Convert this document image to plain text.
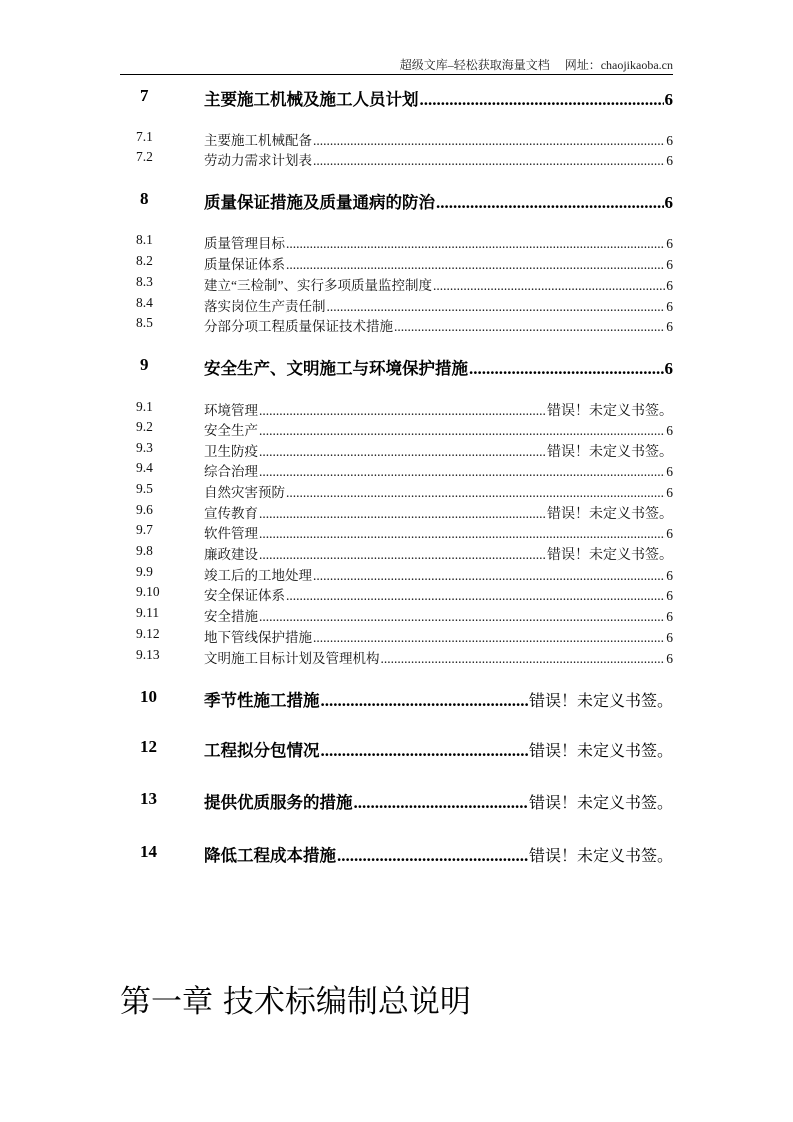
超级文库–轻松获取海量文档　 网址：chaojikaoba.cn
7	主要施工机械及施工人员计划 .....	6
7.1	主要施工机械配备 .....	6
7.2	劳动力需求计划表 .....	6
8	质量保证措施及质量通病的防治 .....	6
8.1	质量管理目标 .....	6
8.2	质量保证体系 .....	6
8.3	建立“三检制”、实行多项质量监控制度 .....	6
8.4	落实岗位生产责任制 .....	6
8.5	分部分项工程质量保证技术措施 .....	6
9	安全生产、文明施工与环境保护措施 .....	6
9.1	环境管理 .....	错误！未定义书签。
9.2	安全生产 .....	6
9.3	卫生防疫 .....	错误！未定义书签。
9.4	综合治理 .....	6
9.5	自然灾害预防 .....	6
9.6	宣传教育 .....	错误！未定义书签。
9.7	软件管理 .....	6
9.8	廉政建设 .....	错误！未定义书签。
9.9	竣工后的工地处理 .....	6
9.10	安全保证体系 .....	6
9.11	安全措施 .....	6
9.12	地下管线保护措施 .....	6
9.13	文明施工目标计划及管理机构 .....	6
10	季节性施工措施 .....	错误！未定义书签。
12	工程拟分包情况 .....	错误！未定义书签。
13	提供优质服务的措施 .....	错误！未定义书签。
14	降低工程成本措施 .....	错误！未定义书签。
第一章 技术标编制总说明
